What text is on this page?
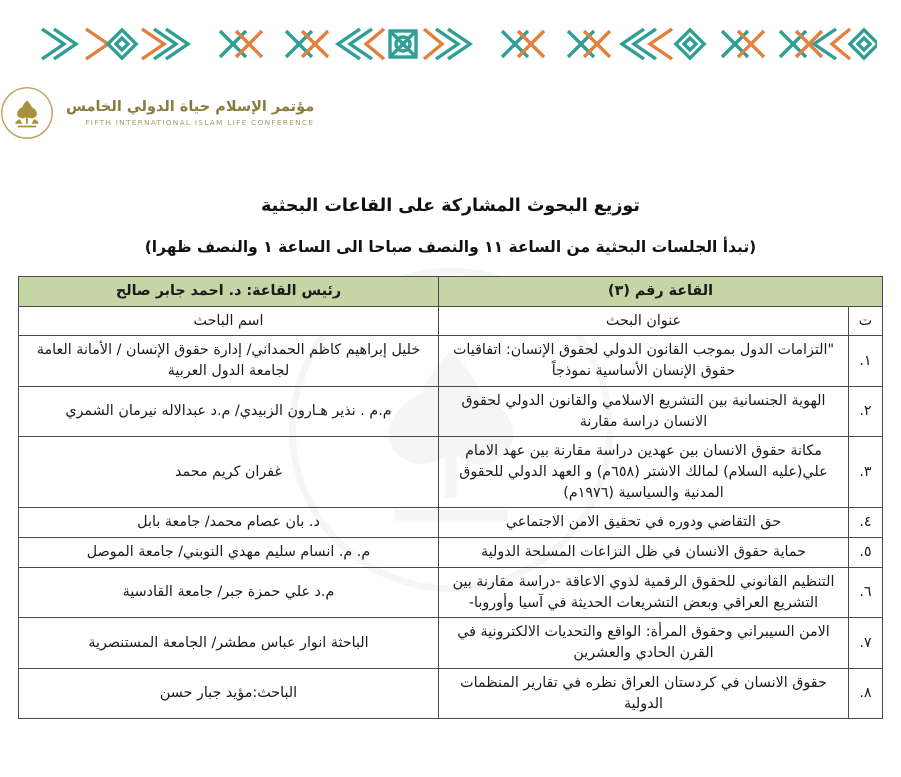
مؤتمر الإسلام حياة الدولي الخامس
FIFTH INTERNATIONAL ISLAM LIFE CONFERENCE
توزيع البحوث المشاركة على القاعات البحثية
(تبدأ الجلسات البحثية من الساعة ١١ والنصف صباحا الى الساعة ١ والنصف ظهرا)
القاعة رقم (٣)		رئيس القاعة: د. احمد جابر صالح
ت	عنوان البحث	اسم الباحث
١.	"التزامات الدول بموجب القانون الدولي لحقوق الإنسان: اتفاقيات حقوق الإنسان الأساسية نموذجاً	خليل إبراهيم كاظم الحمداني/ إدارة حقوق الإنسان / الأمانة العامة لجامعة الدول العربية
٢.	الهوية الجنسانية بين التشريع الاسلامي والقانون الدولي لحقوق الانسان دراسة مقارنة	م.م . نذير هـارون الزبيدي/ م.د عبدالاله نيرمان الشمري
٣.	مكانة حقوق الانسان بين عهدين دراسة مقارنة بين عهد الامام علي(عليه السلام) لمالك الاشتر (٦٥٨م) و العهد الدولي للحقوق المدنية والسياسية (١٩٧٦م)	غفران كريم محمد
٤.	حق التقاضي ودوره في تحقيق الامن الاجتماعي	د. بان عصام محمد/ جامعة بابل
٥.	حماية حقوق الانسان في ظل النزاعات المسلحة الدولية	م. م. انسام سليم مهدي النوبني/ جامعة الموصل
٦.	التنظيم القانوني للحقوق الرقمية لذوي الاعاقة -دراسة مقارنة بين التشريع العراقي وبعض التشريعات الحديثة في آسيا وأوروبا-	م.د علي حمزة جبر/ جامعة القادسية
٧.	الامن السيبراني وحقوق المرأة: الواقع والتحديات الالكترونية في القرن الحادي والعشرين	الباحثة انوار عباس مطشر/ الجامعة المستنصرية
٨.	حقوق الانسان في كردستان العراق نظره في تقارير المنظمات الدولية	الباحث:مؤيد جبار حسن
